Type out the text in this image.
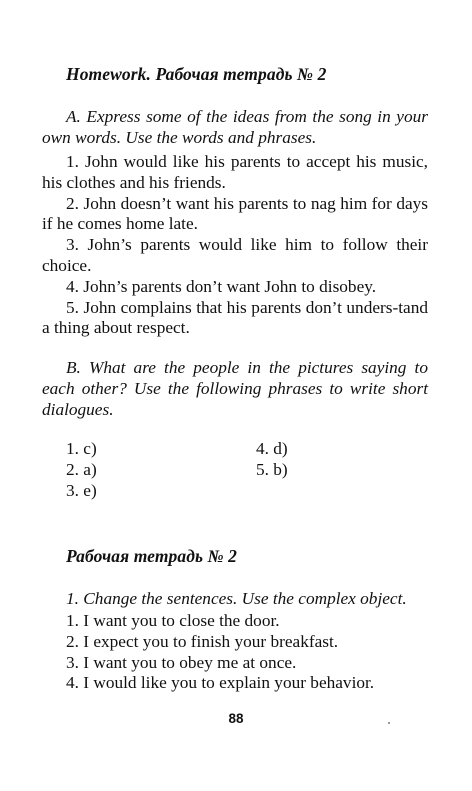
Homework. Рабочая тетрадь № 2

A. Express some of the ideas from the song in your own words. Use the words and phrases.

1. John would like his parents to accept his music, his clothes and his friends.

2. John doesn’t want his parents to nag him for days if he comes home late.

3. John’s parents would like him to follow their choice.

4. John’s parents don’t want John to disobey.

5. John complains that his parents don’t unders-tand a thing about respect.

B. What are the people in the pictures saying to each other? Use the following phrases to write short dialogues.

1. c)
2. a)
3. e)
4. d)
5. b)
Рабочая тетрадь № 2

1. Change the sentences. Use the complex object.

1. I want you to close the door.

2. I expect you to finish your breakfast.

3. I want you to obey me at once.

4. I would like you to explain your behavior.

88
